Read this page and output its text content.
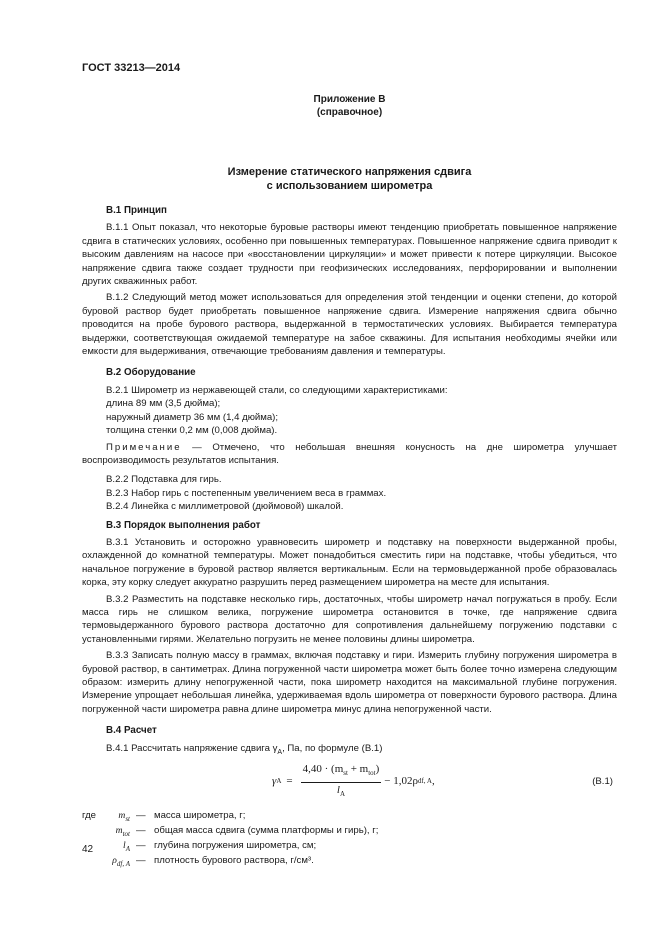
ГОСТ 33213—2014
Приложение В
(справочное)
Измерение статического напряжения сдвига
с использованием широметра
В.1 Принцип

В.1.1 Опыт показал, что некоторые буровые растворы имеют тенденцию приобретать повышенное напряжение сдвига в статических условиях, особенно при повышенных температурах. Повышенное напряжение сдвига приводит к высоким давлениям на насосе при «восстановлении циркуляции» и может привести к потере циркуляции. Высокое напряжение сдвига также создает трудности при геофизических исследованиях, перфорировании и выполнении других скважинных работ.

В.1.2 Следующий метод может использоваться для определения этой тенденции и оценки степени, до которой буровой раствор будет приобретать повышенное напряжение сдвига. Измерение напряжения сдвига обычно проводится на пробе бурового раствора, выдержанной в термостатических условиях. Выбирается температура выдержки, соответствующая ожидаемой температуре на забое скважины. Для испытания необходимы ячейки или емкости для выдерживания, отвечающие требованиям давления и температуры.

В.2 Оборудование
В.2.1 Широметр из нержавеющей стали, со следующими характеристиками:
длина 89 мм (3,5 дюйма);
наружный диаметр 36 мм (1,4 дюйма);
толщина стенки 0,2 мм (0,008 дюйма).
Примечание — Отмечено, что небольшая внешняя конусность на дне широметра улучшает воспроизводимость результатов испытания.
В.2.2 Подставка для гирь.
В.2.3 Набор гирь с постепенным увеличением веса в граммах.
В.2.4 Линейка с миллиметровой (дюймовой) шкалой.
В.3 Порядок выполнения работ

В.3.1 Установить и осторожно уравновесить широметр и подставку на поверхности выдержанной пробы, охлажденной до комнатной температуры. Может понадобиться сместить гири на подставке, чтобы убедиться, что начальное погружение в буровой раствор является вертикальным. Если на термовыдержанной пробе образовалась корка, эту корку следует аккуратно разрушить перед размещением широметра на месте для испытания.

В.3.2 Разместить на подставке несколько гирь, достаточных, чтобы широметр начал погружаться в пробу. Если масса гирь не слишком велика, погружение широметра остановится в точке, где напряжение сдвига термовыдержанного бурового раствора достаточно для сопротивления дальнейшему погружению подставки с установленными гирями. Желательно погрузить не менее половины длины широметра.

В.3.3 Записать полную массу в граммах, включая подставку и гири. Измерить глубину погружения широметра в буровой раствор, в сантиметрах. Длина погруженной части широметра может быть более точно измерена следующим образом: измерить длину непогруженной части, пока широметр находится на максимальной глубине погружения. Измерение упрощает небольшая линейка, удерживаемая вдоль широметра от поверхности бурового раствора. Длина погруженной части широметра равна длине широметра минус длина непогруженной части.

В.4 Расчет
В.4.1 Рассчитать напряжение сдвига $\gamma_A$, Па, по формуле (В.1)
γ $A = \frac{4,40 \cdot (m_{st} + m_{tot})}{l_A} - 1,02\rho$ df, A ,	(В.1)
где	$m_{st}$ — масса широметра, г;
$m_{tot}$ — общая масса сдвига (сумма платформы и гирь), г;
$l_A$ — глубина погружения широметра, см;
$\rho_{df, A}$ — плотность бурового раствора, г/см³.
42
